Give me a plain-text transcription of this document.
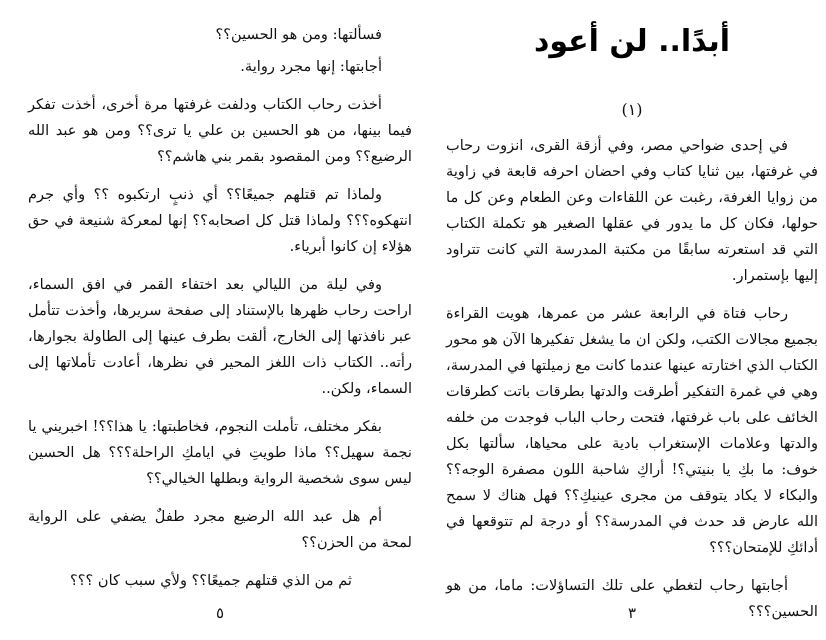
فسألتها: ومن هو الحسين؟؟

أجابتها: إنها مجرد رواية.

أخذت رحاب الكتاب ودلفت غرفتها مرة أخرى، أخذت تفكر فيما بينها، من هو الحسين بن علي يا ترى؟؟ ومن هو عبد الله الرضيع؟؟ ومن المقصود بقمر بني هاشم؟؟

ولماذا تم قتلهم جميعًا؟؟ أي ذنبٍ ارتكبوه ؟؟ وأي جرم انتهكوه؟؟؟ ولماذا قتل كل اصحابه؟؟ إنها لمعركة شنيعة في حق هؤلاء إن كانوا أبرياء.

وفي ليلة من الليالي بعد اختفاء القمر في افق السماء، اراحت رحاب ظهرها بالإستناد إلى صفحة سريرها، وأخذت تتأمل عبر نافذتها إلى الخارج، ألقت بطرف عينها إلى الطاولة بجوارها، رأته.. الكتاب ذات اللغز المحير في نظرها، أعادت تأملاتها إلى السماء، ولكن..

بفكر مختلف، تأملت النجوم، فخاطبتها: يا هذا؟؟! اخبريني يا نجمة سهيل؟؟ ماذا طويتِ في ايامكِ الراحلة؟؟؟ هل الحسين ليس سوى شخصية الرواية وبطلها الخيالي؟؟

أم هل عبد الله الرضيع مجرد طفلٌ يضفي على الرواية لمحة من الحزن؟؟

ثم من الذي قتلهم جميعًا؟؟ ولأي سبب كان ؟؟؟

٥
أبدًا.. لن أعود
(١)

في إحدى ضواحي مصر، وفي أزقة القرى، انزوت رحاب في غرفتها، بين ثنايا كتاب وفي احضان احرفه قابعة في زاوية من زوايا الغرفة، رغبت عن اللقاءات وعن الطعام وعن كل ما حولها، فكان كل ما يدور في عقلها الصغير هو تكملة الكتاب التي قد استعرته سابقًا من مكتبة المدرسة التي كانت تتراود إليها بإستمرار.

رحاب فتاة في الرابعة عشر من عمرها، هويت القراءة بجميع مجالات الكتب، ولكن ان ما يشغل تفكيرها الآن هو محور الكتاب الذي اختارته عينها عندما كانت مع زميلتها في المدرسة، وهي في غمرة التفكير أطرقت والدتها بطرقات باتت كطرقات الخائف على باب غرفتها، فتحت رحاب الباب فوجدت من خلفه والدتها وعلامات الإستغراب بادية على محياها، سألتها بكل خوف: ما بكِ يا بنيتي؟! أراكِ شاحبة اللون مصفرة الوجه؟؟ والبكاء لا يكاد يتوقف من مجرى عينيكِ؟؟ فهل هناك لا سمح الله عارض قد حدث في المدرسة؟؟ أو درجة لم تتوقعها في أدائكِ للإمتحان؟؟؟

أجابتها رحاب لتغطي على تلك التساؤلات: ماما، من هو الحسين؟؟؟

٣
